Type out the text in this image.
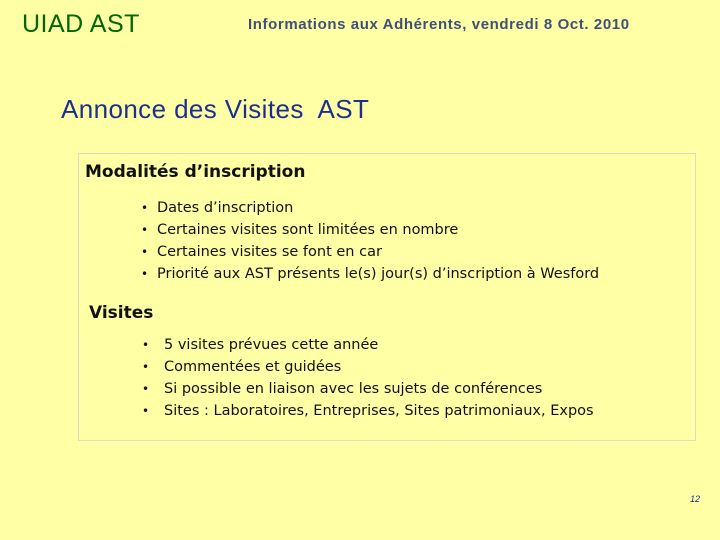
UIAD AST	Informations aux Adhérents, vendredi 8 Oct. 2010
Annonce des Visites  AST
Modalités d’inscription
• Dates d’inscription
• Certaines visites sont limitées en nombre
• Certaines visites se font en car
• Priorité aux AST présents le(s) jour(s) d’inscription à Wesford
Visites
• 5 visites prévues cette année
• Commentées et guidées
• Si possible en liaison avec les sujets de conférences
• Sites : Laboratoires, Entreprises, Sites patrimoniaux, Expos
12
